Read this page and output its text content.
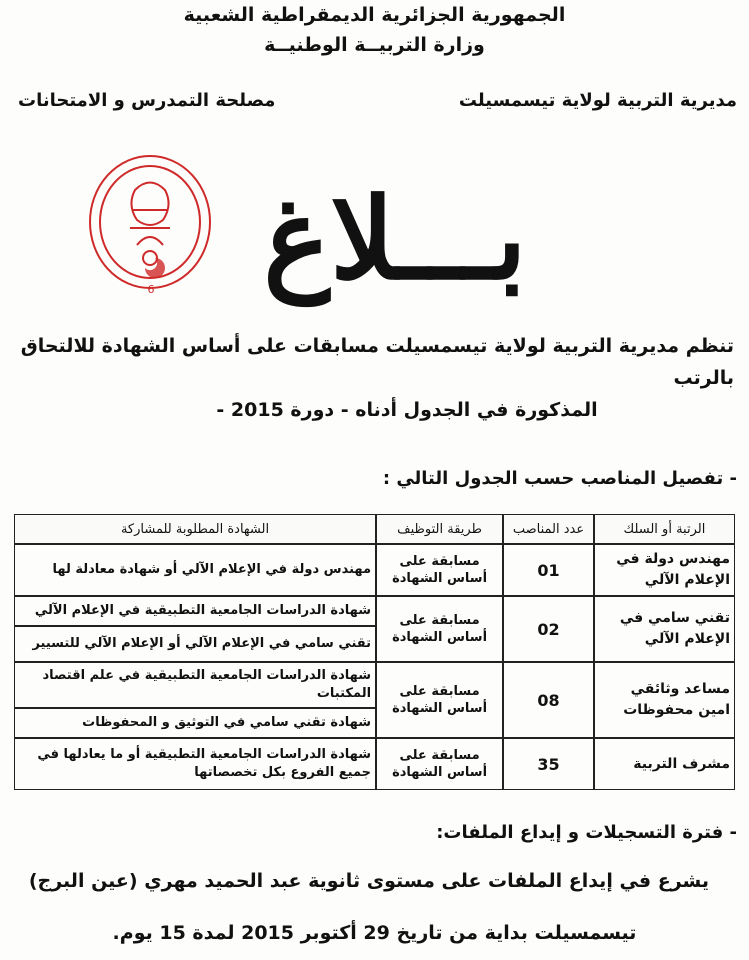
الجمهورية الجزائرية الديمقراطية الشعبية
وزارة التربيــة الوطنيــة
مديرية التربية لولاية تيسمسيلت
مصلحة التمدرس و الامتحانات
6 بـــلاغ
تنظم مديرية التربية لولاية تيسمسيلت مسابقات على أساس الشهادة للالتحاق بالرتب
المذكورة في الجدول أدناه - دورة 2015 -
- تفصيل المناصب حسب الجدول التالي :
الرتبة أو السلك	عدد المناصب	طريقة التوظيف	الشهادة المطلوبة للمشاركة
مهندس دولة في الإعلام الآلي	01	مسابقة على أساس الشهادة	مهندس دولة في الإعلام الآلي أو شهادة معادلة لها
تقني سامي في الإعلام الآلي	02	مسابقة على أساس الشهادة	شهادة الدراسات الجامعية التطبيقية في الإعلام الآلي
			تقني سامي في الإعلام الآلي أو الإعلام الآلي للتسيير
مساعد وثائقي امين محفوظات	08	مسابقة على أساس الشهادة	شهادة الدراسات الجامعية التطبيقية في علم اقتصاد المكتبات
			شهادة تقني سامي في التوثيق و المحفوظات
مشرف التربية	35	مسابقة على أساس الشهادة	شهادة الدراسات الجامعية التطبيقية أو ما يعادلها في جميع الفروع بكل تخصصاتها
- فترة التسجيلات و إيداع الملفات:
يشرع في إيداع الملفات على مستوى ثانوية عبد الحميد مهري (عين البرج)
تيسمسيلت بداية من تاريخ 29 أكتوبر 2015 لمدة 15 يوم.
